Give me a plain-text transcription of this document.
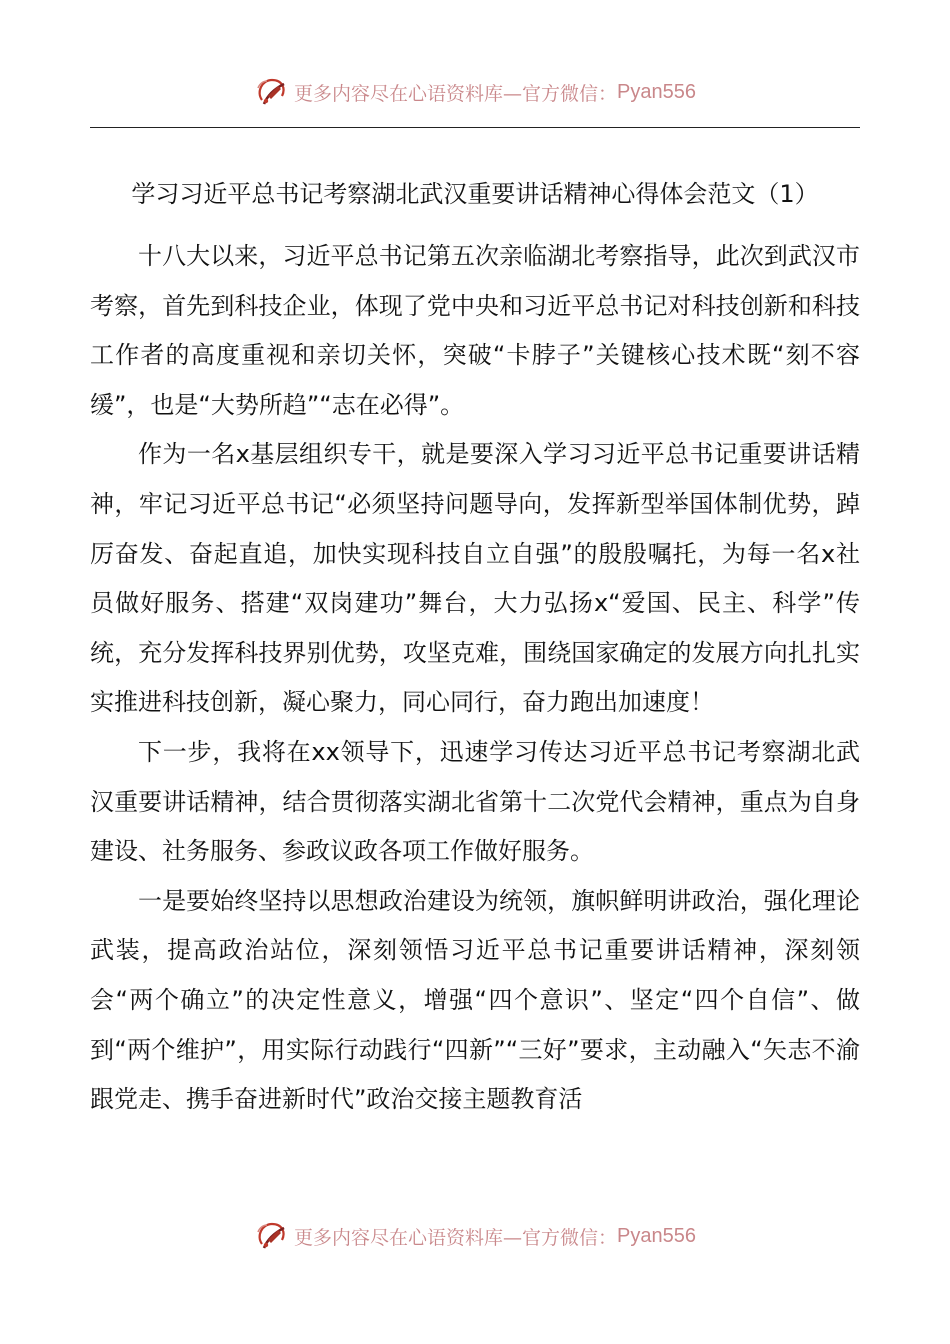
更多内容尽在心语资料库—官方微信： Pyan556
学习习近平总书记考察湖北武汉重要讲话精神心得体会范文（1）

十八大以来，习近平总书记第五次亲临湖北考察指导，此次到武汉市考察，首先到科技企业，体现了党中央和习近平总书记对科技创新和科技工作者的高度重视和亲切关怀，突破“卡脖子”关键核心技术既“刻不容缓”，也是“大势所趋”“志在必得”。

作为一名x基层组织专干，就是要深入学习习近平总书记重要讲话精神，牢记习近平总书记“必须坚持问题导向，发挥新型举国体制优势，踔厉奋发、奋起直追，加快实现科技自立自强”的殷殷嘱托，为每一名x社员做好服务、搭建“双岗建功”舞台，大力弘扬x“爱国、民主、科学”传统，充分发挥科技界别优势，攻坚克难，围绕国家确定的发展方向扎扎实实推进科技创新，凝心聚力，同心同行，奋力跑出加速度！

下一步，我将在xx领导下，迅速学习传达习近平总书记考察湖北武汉重要讲话精神，结合贯彻落实湖北省第十二次党代会精神，重点为自身建设、社务服务、参政议政各项工作做好服务。

一是要始终坚持以思想政治建设为统领，旗帜鲜明讲政治，强化理论武装，提高政治站位，深刻领悟习近平总书记重要讲话精神，深刻领会“两个确立”的决定性意义，增强“四个意识”、坚定“四个自信”、做到“两个维护”，用实际行动践行“四新”“三好”要求，主动融入“矢志不渝跟党走、携手奋进新时代”政治交接主题教育活

更多内容尽在心语资料库—官方微信： Pyan556
